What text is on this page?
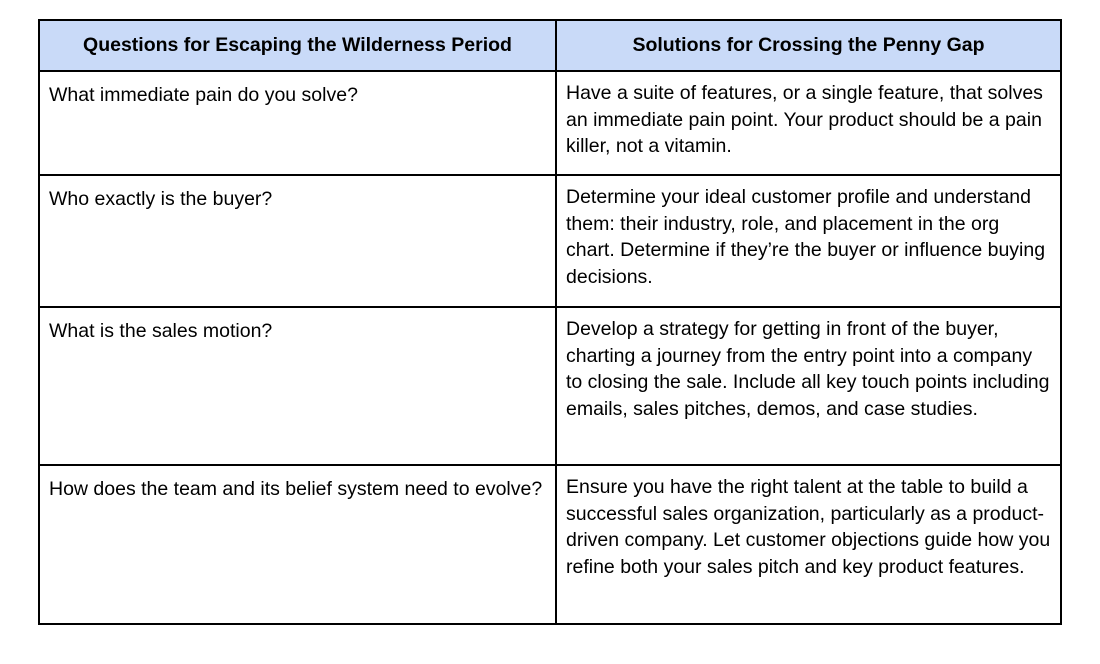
Questions for Escaping the Wilderness Period	Solutions for Crossing the Penny Gap
What immediate pain do you solve?	Have a suite of features, or a single feature, that solves an immediate pain point. Your product should be a pain killer, not a vitamin.
Who exactly is the buyer?	Determine your ideal customer profile and understand them: their industry, role, and placement in the org chart. Determine if they’re the buyer or influence buying decisions.
What is the sales motion?	Develop a strategy for getting in front of the buyer, charting a journey from the entry point into a company to closing the sale. Include all key touch points including emails, sales pitches, demos, and case studies.
How does the team and its belief system need to evolve?	Ensure you have the right talent at the table to build a successful sales organization, particularly as a product-driven company. Let customer objections guide how you refine both your sales pitch and key product features.
